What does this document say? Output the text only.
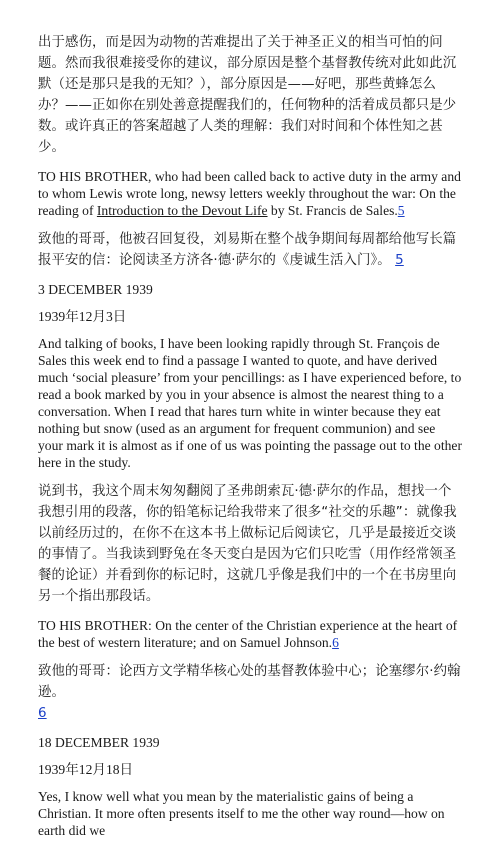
出于感伤，而是因为动物的苦难提出了关于神圣正义的相当可怕的问题。然而我很难接受你的建议，部分原因是整个基督教传统对此如此沉默（还是那只是我的无知？），部分原因是——好吧，那些黄蜂怎么办？——正如你在别处善意提醒我们的，任何物种的活着成员都只是少数。或许真正的答案超越了人类的理解：我们对时间和个体性知之甚少。

TO HIS BROTHER, who had been called back to active duty in the army and to whom Lewis wrote long, newsy letters weekly throughout the war: On the reading of Introduction to the Devout Life by St. Francis de Sales.5

致他的哥哥，他被召回复役，刘易斯在整个战争期间每周都给他写长篇报平安的信：论阅读圣方济各·德·萨尔的《虔诚生活入门》。 5

3 DECEMBER 1939

1939年12月3日

And talking of books, I have been looking rapidly through St. François de Sales this week end to find a passage I wanted to quote, and have derived much ‘social pleasure’ from your pencillings: as I have experienced before, to read a book marked by you in your absence is almost the nearest thing to a conversation. When I read that hares turn white in winter because they eat nothing but snow (used as an argument for frequent communion) and see your mark it is almost as if one of us was pointing the passage out to the other here in the study.

说到书，我这个周末匆匆翻阅了圣弗朗索瓦·德·萨尔的作品，想找一个我想引用的段落，你的铅笔标记给我带来了很多“社交的乐趣”：就像我以前经历过的，在你不在这本书上做标记后阅读它，几乎是最接近交谈的事情了。当我读到野兔在冬天变白是因为它们只吃雪（用作经常领圣餐的论证）并看到你的标记时，这就几乎像是我们中的一个在书房里向另一个指出那段话。

TO HIS BROTHER: On the center of the Christian experience at the heart of the best of western literature; and on Samuel Johnson.6

致他的哥哥：论西方文学精华核心处的基督教体验中心；论塞缪尔·约翰逊。
6

18 DECEMBER 1939

1939年12月18日

Yes, I know well what you mean by the materialistic gains of being a Christian. It more often presents itself to me the other way round—how on earth did we
